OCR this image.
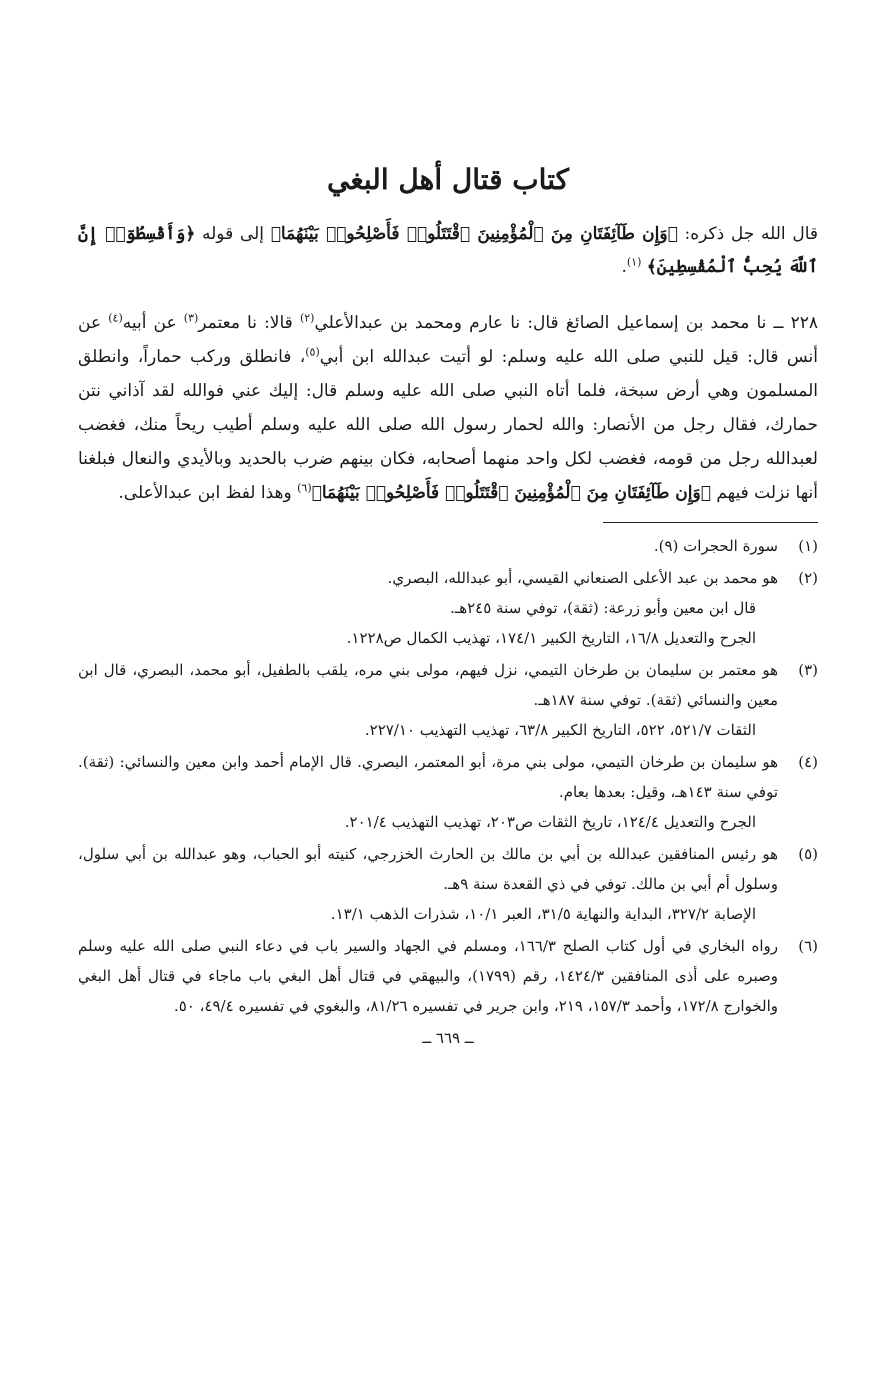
كتاب قتال أهل البغي

قال الله جل ذكره: ﴿وَإِن طَآئِفَتَانِ مِنَ ٱلْمُؤْمِنِينَ ٱقْتَتَلُوا۟ فَأَصْلِحُوا۟ بَيْنَهُمَا﴾ إلى قوله ﴿وَأَقْسِطُوٓا۟ إِنَّ ٱللَّهَ يُحِبُّ ٱلْمُقْسِطِينَ﴾ $^{(١)}$.

٢٢٨ ــ نا محمد بن إسماعيل الصائغ قال: نا عارم ومحمد بن عبدالأعلي$^{(٢)}$ قالا: نا معتمر$^{(٣)}$ عن أبيه$^{(٤)}$ عن أنس قال: قيل للنبي صلى الله عليه وسلم: لو أتيت عبدالله ابن أبي$^{(٥)}$، فانطلق وركب حماراً، وانطلق المسلمون وهي أرض سبخة، فلما أتاه النبي صلى الله عليه وسلم قال: إليك عني فوالله لقد آذاني نتن حمارك، فقال رجل من الأنصار: والله لحمار رسول الله صلى الله عليه وسلم أطيب ريحاً منك، فغضب لعبدالله رجل من قومه، فغضب لكل واحد منهما أصحابه، فكان بينهم ضرب بالحديد وبالأيدي والنعال فبلغنا أنها نزلت فيهم ﴿وَإِن طَآئِفَتَانِ مِنَ ٱلْمُؤْمِنِينَ ٱقْتَتَلُوا۟ فَأَصْلِحُوا۟ بَيْنَهُمَا﴾$^{(٦)}$ وهذا لفظ ابن عبدالأعلى.

(١)
سورة الحجرات (٩).
(٢)
هو محمد بن عبد الأعلى الصنعاني القيسي، أبو عبدالله، البصري.
قال ابن معين وأبو زرعة: (ثقة)، توفي سنة ٢٤٥هـ.
الجرح والتعديل ١٦/٨، التاريخ الكبير ١٧٤/١، تهذيب الكمال ص١٢٢٨.
(٣)
هو معتمر بن سليمان بن طرخان التيمي، نزل فيهم، مولى بني مره، يلقب بالطفيل، أبو محمد، البصري، قال ابن معين والنسائي (ثقة). توفي سنة ١٨٧هـ.
الثقات ٥٢١/٧، ٥٢٢، التاريخ الكبير ٦٣/٨، تهذيب التهذيب ٢٢٧/١٠.
(٤)
هو سليمان بن طرخان التيمي، مولى بني مرة، أبو المعتمر، البصري. قال الإمام أحمد وابن معين والنسائي: (ثقة). توفي سنة ١٤٣هـ، وقيل: بعدها بعام.
الجرح والتعديل ١٢٤/٤، تاريخ الثقات ص٢٠٣، تهذيب التهذيب ٢٠١/٤.
(٥)
هو رئيس المنافقين عبدالله بن أبي بن مالك بن الحارث الخزرجي، كنيته أبو الحباب، وهو عبدالله بن أبي سلول، وسلول أم أبي بن مالك. توفي في ذي القعدة سنة ٩هـ.
الإصابة ٣٢٧/٢، البداية والنهاية ٣١/٥، العبر ١٠/١، شذرات الذهب ١٣/١.
(٦)
رواه البخاري في أول كتاب الصلح ١٦٦/٣، ومسلم في الجهاد والسير باب في دعاء النبي صلى الله عليه وسلم وصبره على أذى المنافقين ١٤٢٤/٣، رقم (١٧٩٩)، والبيهقي في قتال أهل البغي باب ماجاء في قتال أهل البغي والخوارج ١٧٢/٨، وأحمد ١٥٧/٣، ٢١٩، وابن جرير في تفسيره ٨١/٢٦، والبغوي في تفسيره ٤٩/٤، ٥٠.
ــ ٦٦٩ ــ
